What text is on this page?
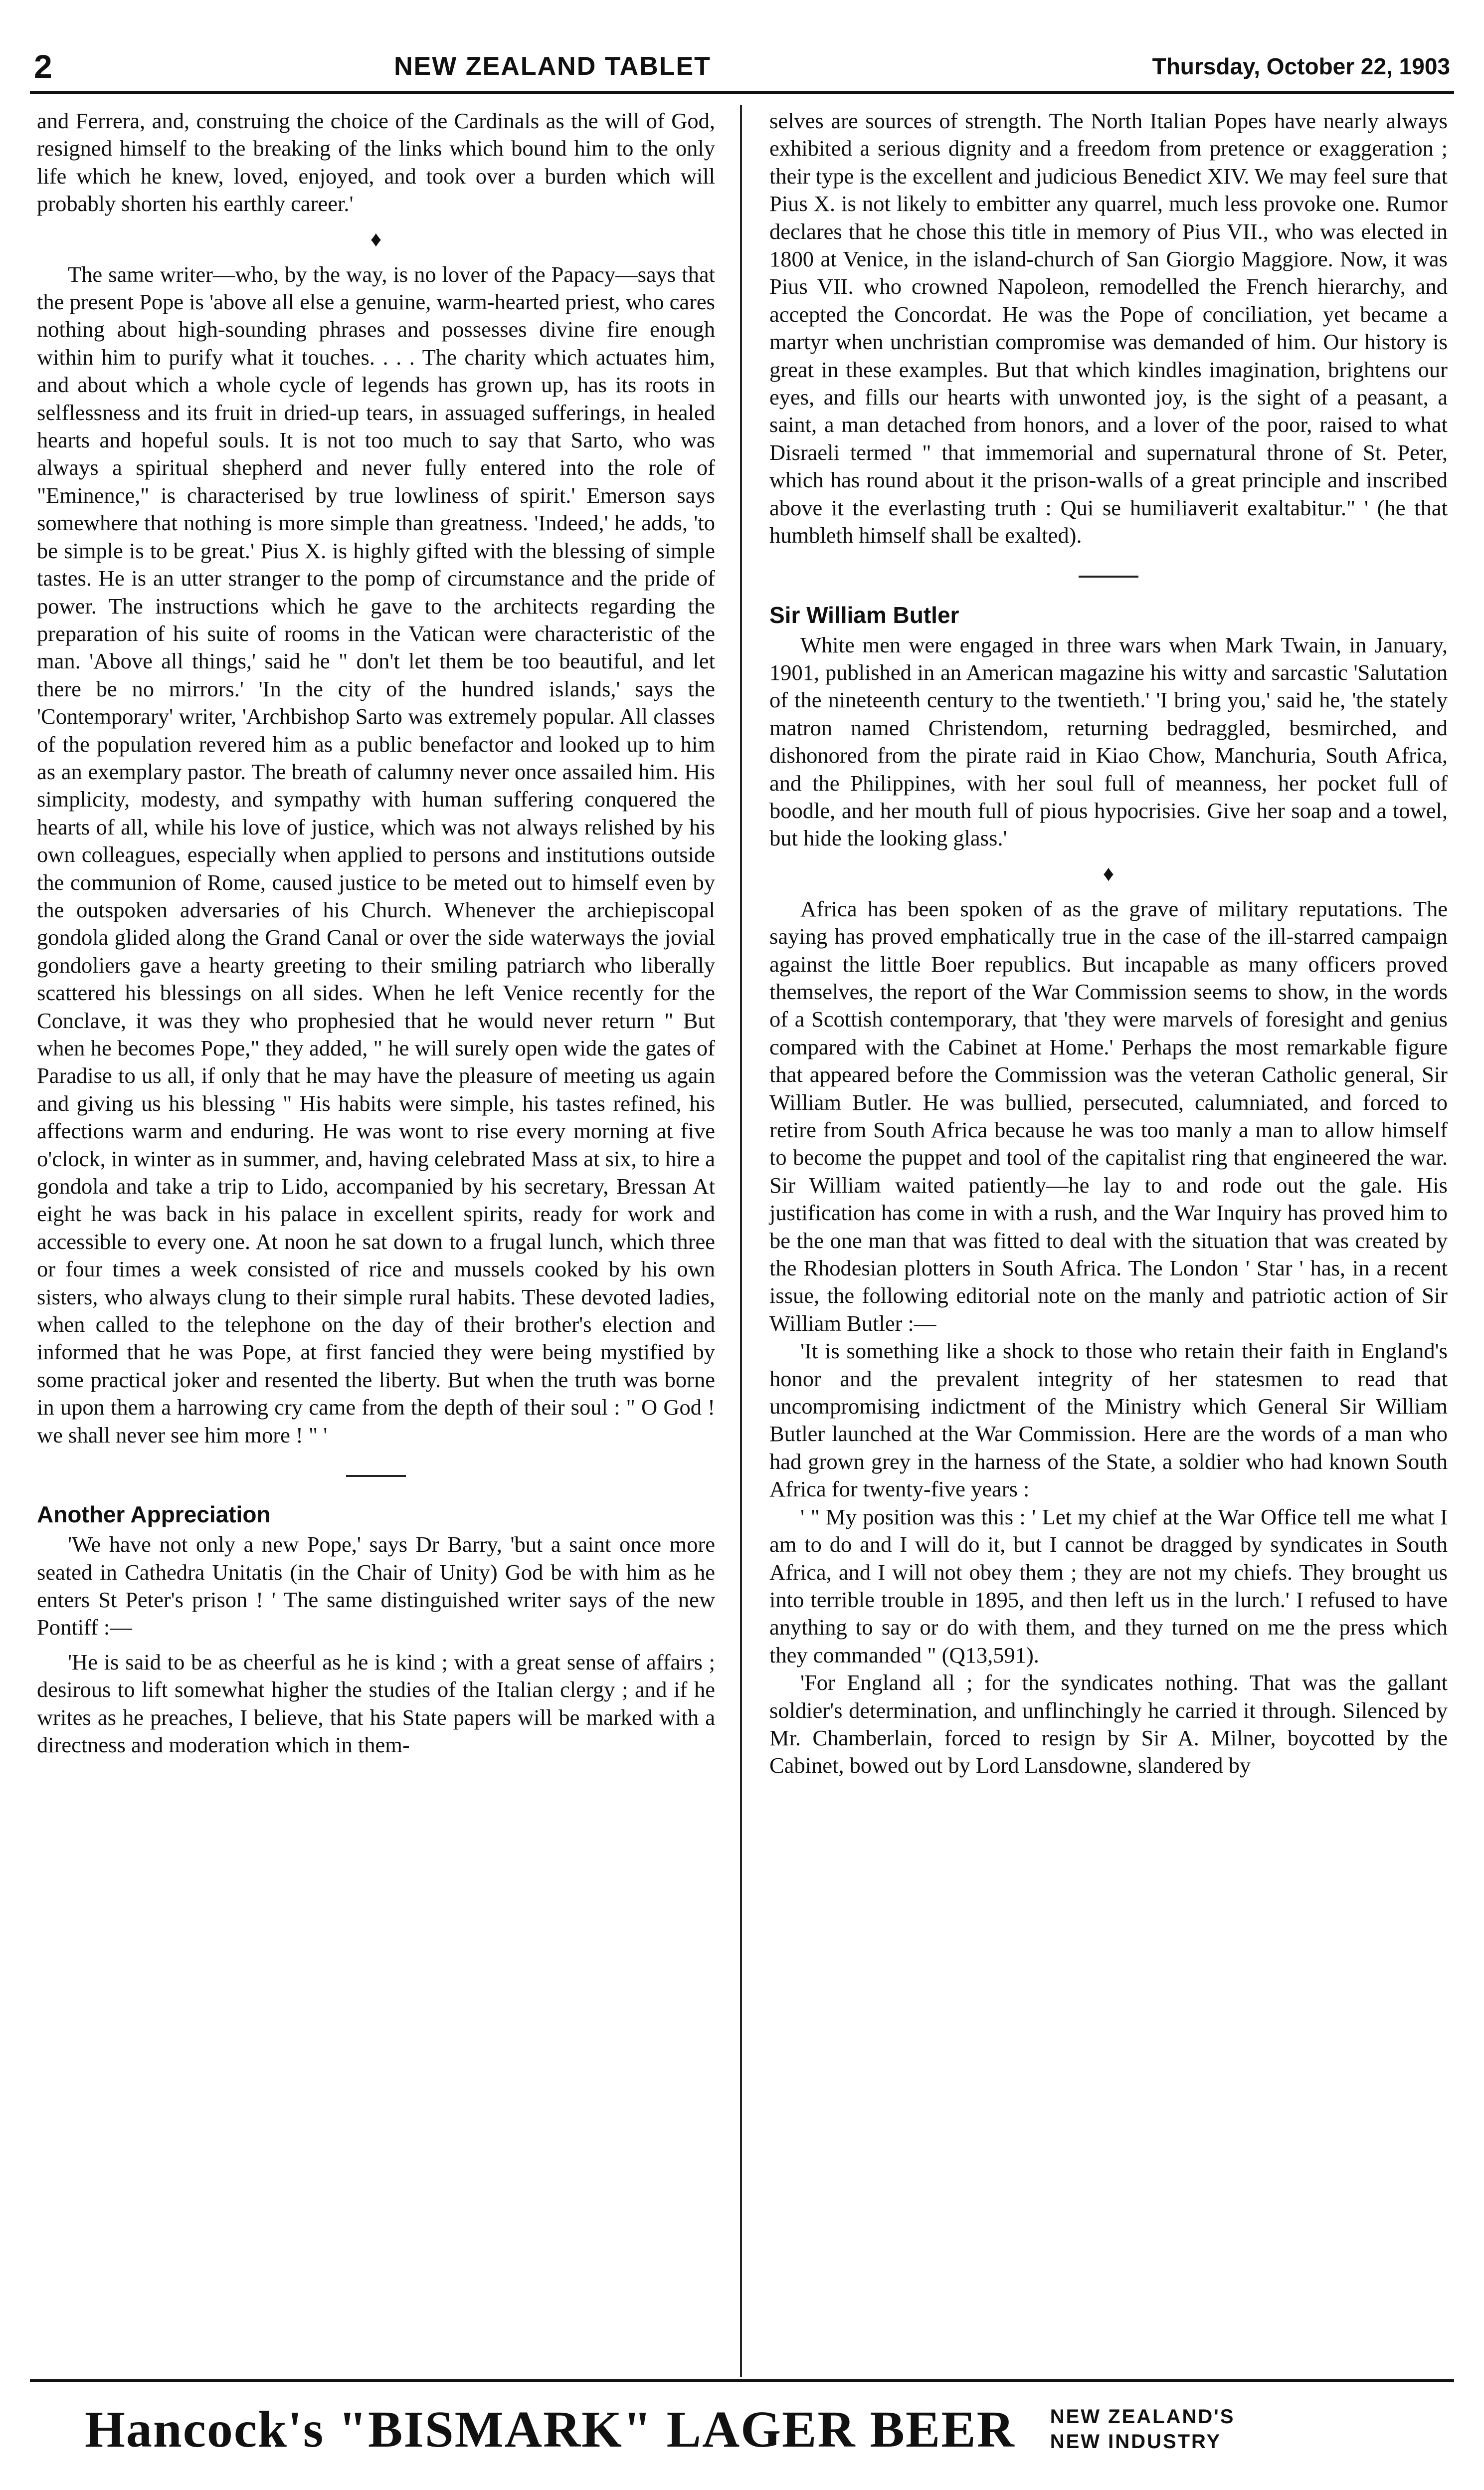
2	NEW ZEALAND TABLET	Thursday, October 22, 1903

and Ferrera, and, construing the choice of the Cardinals as the will of God, resigned himself to the breaking of the links which bound him to the only life which he knew, loved, enjoyed, and took over a burden which will probably shorten his earthly career.'

♦

The same writer—who, by the way, is no lover of the Papacy—says that the present Pope is 'above all else a genuine, warm-hearted priest, who cares nothing about high-sounding phrases and possesses divine fire enough within him to purify what it touches. . . . The charity which actuates him, and about which a whole cycle of legends has grown up, has its roots in selflessness and its fruit in dried-up tears, in assuaged sufferings, in healed hearts and hopeful souls. It is not too much to say that Sarto, who was always a spiritual shepherd and never fully entered into the role of "Eminence," is characterised by true lowliness of spirit.' Emerson says somewhere that nothing is more simple than greatness. 'Indeed,' he adds, 'to be simple is to be great.' Pius X. is highly gifted with the blessing of simple tastes. He is an utter stranger to the pomp of circumstance and the pride of power. The instructions which he gave to the architects regarding the preparation of his suite of rooms in the Vatican were characteristic of the man. 'Above all things,' said he " don't let them be too beautiful, and let there be no mirrors.' 'In the city of the hundred islands,' says the 'Contemporary' writer, 'Archbishop Sarto was extremely popular. All classes of the population revered him as a public benefactor and looked up to him as an exemplary pastor. The breath of calumny never once assailed him. His simplicity, modesty, and sympathy with human suffering conquered the hearts of all, while his love of justice, which was not always relished by his own colleagues, especially when applied to persons and institutions outside the communion of Rome, caused justice to be meted out to himself even by the outspoken adversaries of his Church. Whenever the archiepiscopal gondola glided along the Grand Canal or over the side waterways the jovial gondoliers gave a hearty greeting to their smiling patriarch who liberally scattered his blessings on all sides. When he left Venice recently for the Conclave, it was they who prophesied that he would never return " But when he becomes Pope," they added, " he will surely open wide the gates of Paradise to us all, if only that he may have the pleasure of meeting us again and giving us his blessing " His habits were simple, his tastes refined, his affections warm and enduring. He was wont to rise every morning at five o'clock, in winter as in summer, and, having celebrated Mass at six, to hire a gondola and take a trip to Lido, accompanied by his secretary, Bressan At eight he was back in his palace in excellent spirits, ready for work and accessible to every one. At noon he sat down to a frugal lunch, which three or four times a week consisted of rice and mussels cooked by his own sisters, who always clung to their simple rural habits. These devoted ladies, when called to the telephone on the day of their brother's election and informed that he was Pope, at first fancied they were being mystified by some practical joker and resented the liberty. But when the truth was borne in upon them a harrowing cry came from the depth of their soul : " O God ! we shall never see him more ! " '

Another Appreciation

'We have not only a new Pope,' says Dr Barry, 'but a saint once more seated in Cathedra Unitatis (in the Chair of Unity) God be with him as he enters St Peter's prison ! ' The same distinguished writer says of the new Pontiff :—

'He is said to be as cheerful as he is kind ; with a great sense of affairs ; desirous to lift somewhat higher the studies of the Italian clergy ; and if he writes as he preaches, I believe, that his State papers will be marked with a directness and moderation which in them-

selves are sources of strength. The North Italian Popes have nearly always exhibited a serious dignity and a freedom from pretence or exaggeration ; their type is the excellent and judicious Benedict XIV. We may feel sure that Pius X. is not likely to embitter any quarrel, much less provoke one. Rumor declares that he chose this title in memory of Pius VII., who was elected in 1800 at Venice, in the island-church of San Giorgio Maggiore. Now, it was Pius VII. who crowned Napoleon, remodelled the French hierarchy, and accepted the Concordat. He was the Pope of conciliation, yet became a martyr when unchristian compromise was demanded of him. Our history is great in these examples. But that which kindles imagination, brightens our eyes, and fills our hearts with unwonted joy, is the sight of a peasant, a saint, a man detached from honors, and a lover of the poor, raised to what Disraeli termed " that immemorial and supernatural throne of St. Peter, which has round about it the prison-walls of a great principle and inscribed above it the everlasting truth : Qui se humiliaverit exaltabitur." ' (he that humbleth himself shall be exalted).

Sir William Butler

White men were engaged in three wars when Mark Twain, in January, 1901, published in an American magazine his witty and sarcastic 'Salutation of the nineteenth century to the twentieth.' 'I bring you,' said he, 'the stately matron named Christendom, returning bedraggled, besmirched, and dishonored from the pirate raid in Kiao Chow, Manchuria, South Africa, and the Philippines, with her soul full of meanness, her pocket full of boodle, and her mouth full of pious hypocrisies. Give her soap and a towel, but hide the looking glass.'

♦

Africa has been spoken of as the grave of military reputations. The saying has proved emphatically true in the case of the ill-starred campaign against the little Boer republics. But incapable as many officers proved themselves, the report of the War Commission seems to show, in the words of a Scottish contemporary, that 'they were marvels of foresight and genius compared with the Cabinet at Home.' Perhaps the most remarkable figure that appeared before the Commission was the veteran Catholic general, Sir William Butler. He was bullied, persecuted, calumniated, and forced to retire from South Africa because he was too manly a man to allow himself to become the puppet and tool of the capitalist ring that engineered the war. Sir William waited patiently—he lay to and rode out the gale. His justification has come in with a rush, and the War Inquiry has proved him to be the one man that was fitted to deal with the situation that was created by the Rhodesian plotters in South Africa. The London ' Star ' has, in a recent issue, the following editorial note on the manly and patriotic action of Sir William Butler :—

'It is something like a shock to those who retain their faith in England's honor and the prevalent integrity of her statesmen to read that uncompromising indictment of the Ministry which General Sir William Butler launched at the War Commission. Here are the words of a man who had grown grey in the harness of the State, a soldier who had known South Africa for twenty-five years :

' " My position was this : ' Let my chief at the War Office tell me what I am to do and I will do it, but I cannot be dragged by syndicates in South Africa, and I will not obey them ; they are not my chiefs. They brought us into terrible trouble in 1895, and then left us in the lurch.' I refused to have anything to say or do with them, and they turned on me the press which they commanded " (Q13,591).

'For England all ; for the syndicates nothing. That was the gallant soldier's determination, and unflinchingly he carried it through. Silenced by Mr. Chamberlain, forced to resign by Sir A. Milner, boycotted by the Cabinet, bowed out by Lord Lansdowne, slandered by

Hancock's "BISMARK" LAGER BEER NEW ZEALAND'S
NEW INDUSTRY
